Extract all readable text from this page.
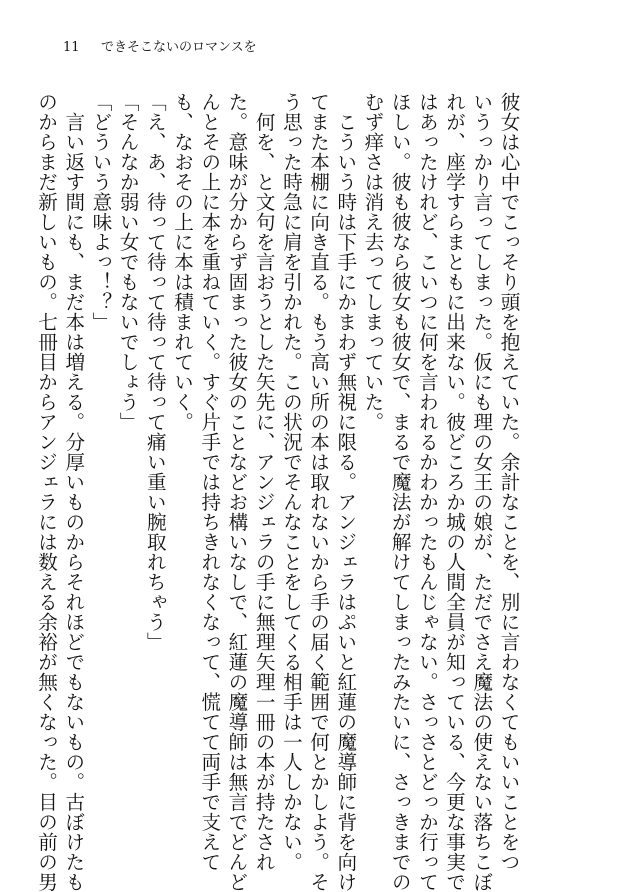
11 できそこないのロマンスを

彼女は心中でこっそり頭を抱えていた。余計なことを、別に言わなくてもいいことをつ

いうっかり言ってしまった。仮にも理の女王の娘が、ただでさえ魔法の使えない落ちこぼ

れが、座学すらまともに出来ない。彼どころか城の人間全員が知っている、今更な事実で

はあったけれど、こいつに何を言われるかわかったもんじゃない。さっさとどっか行って

ほしい。彼も彼なら彼女も彼女で、まるで魔法が解けてしまったみたいに、さっきまでの

むず痒さは消え去ってしまっていた。

　こういう時は下手にかまわず無視に限る。アンジェラはぷいと紅蓮の魔導師に背を向け

てまた本棚に向き直る。もう高い所の本は取れないから手の届く範囲で何とかしよう。そ

う思った時急に肩を引かれた。この状況でそんなことをしてくる相手は一人しかない。

　何を、と文句を言おうとした矢先に、アンジェラの手に無理矢理一冊の本が持たされ

た。意味が分からず固まった彼女のことなどお構いなしで、紅蓮の魔導師は無言でどんど

んとその上に本を重ねていく。すぐ片手では持ちきれなくなって、慌てて両手で支えて

も、なおその上に本は積まれていく。

「え、あ、待って待って待って待って痛い重い腕取れちゃう」

「そんなか弱い女でもないでしょう」

「どういう意味よっ！？」

　言い返す間にも、まだ本は増える。分厚いものからそれほどでもないもの。古ぼけたも

のからまだ新しいもの。七冊目からアンジェラには数える余裕が無くなった。目の前の男
